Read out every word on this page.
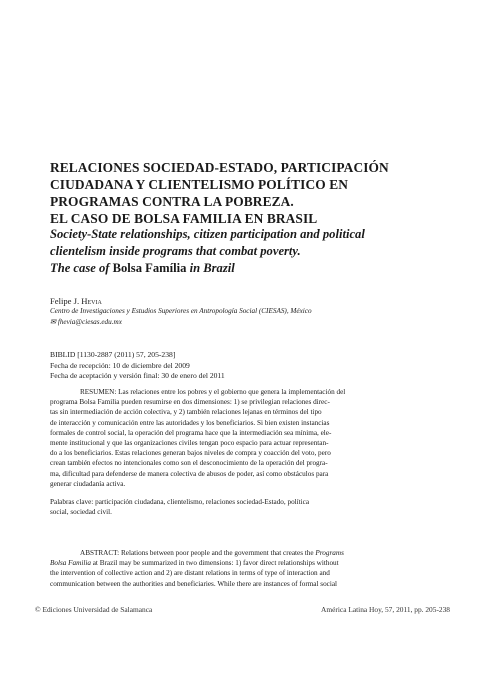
RELACIONES SOCIEDAD-ESTADO, PARTICIPACIÓN
CIUDADANA Y CLIENTELISMO POLÍTICO EN
PROGRAMAS CONTRA LA POBREZA.
EL CASO DE BOLSA FAMILIA EN BRASIL
Society-State relationships, citizen participation and political
clientelism inside programs that combat poverty.
The case of Bolsa Família in Brazil
Felipe J. Hevia
Centro de Investigaciones y Estudios Superiores en Antropología Social (CIESAS), México
✉ fhevia@ciesas.edu.mx
BIBLID [1130-2887 (2011) 57, 205-238]
Fecha de recepción: 10 de diciembre del 2009
Fecha de aceptación y versión final: 30 de enero del 2011
RESUMEN: Las relaciones entre los pobres y el gobierno que genera la implementación del
programa Bolsa Familia pueden resumirse en dos dimensiones: 1) se privilegian relaciones direc-
tas sin intermediación de acción colectiva, y 2) también relaciones lejanas en términos del tipo
de interacción y comunicación entre las autoridades y los beneficiarios. Si bien existen instancias
formales de control social, la operación del programa hace que la intermediación sea mínima, ele-
mente institucional y que las organizaciones civiles tengan poco espacio para actuar representan-
do a los beneficiarios. Estas relaciones generan bajos niveles de compra y coacción del voto, pero
crean también efectos no intencionales como son el desconocimiento de la operación del progra-
ma, dificultad para defenderse de manera colectiva de abusos de poder, así como obstáculos para
generar ciudadanía activa.
Palabras clave: participación ciudadana, clientelismo, relaciones sociedad-Estado, política
social, sociedad civil.
ABSTRACT: Relations between poor people and the government that creates the Programs
Bolsa Familia at Brazil may be summarized in two dimensions: 1) favor direct relationships without
the intervention of collective action and 2) are distant relations in terms of type of interaction and
communication between the authorities and beneficiaries. While there are instances of formal social
© Ediciones Universidad de Salamanca	América Latina Hoy, 57, 2011, pp. 205-238
